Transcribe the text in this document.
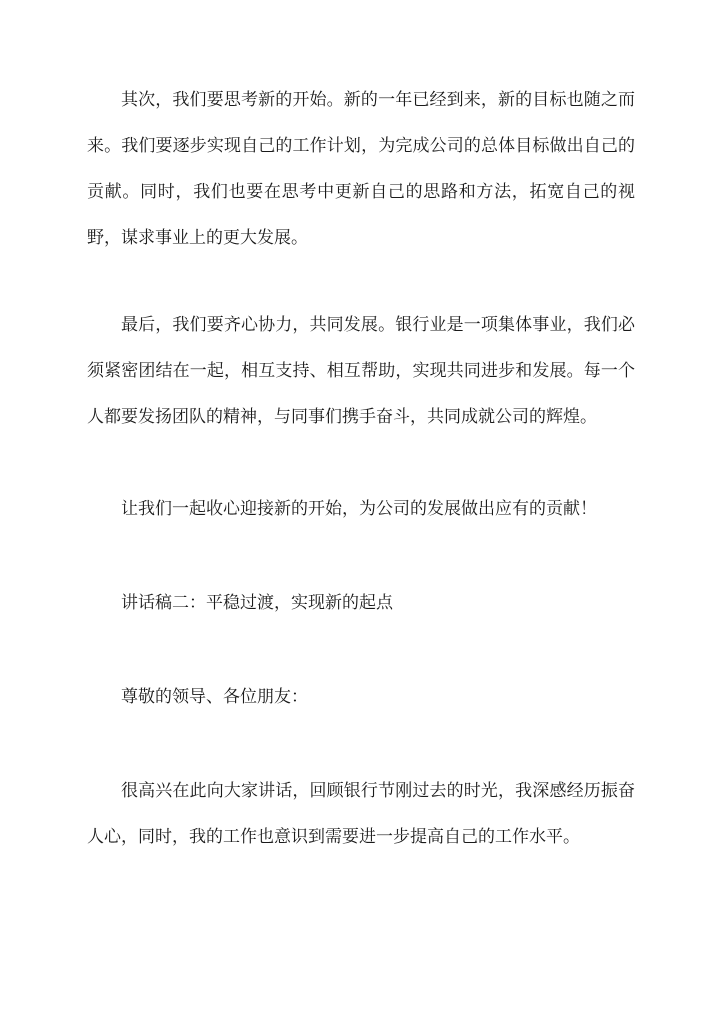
其次，我们要思考新的开始。新的一年已经到来，新的目标也随之而来。我们要逐步实现自己的工作计划，为完成公司的总体目标做出自己的贡献。同时，我们也要在思考中更新自己的思路和方法，拓宽自己的视野，谋求事业上的更大发展。

最后，我们要齐心协力，共同发展。银行业是一项集体事业，我们必须紧密团结在一起，相互支持、相互帮助，实现共同进步和发展。每一个人都要发扬团队的精神，与同事们携手奋斗，共同成就公司的辉煌。

让我们一起收心迎接新的开始，为公司的发展做出应有的贡献！

讲话稿二：平稳过渡，实现新的起点

尊敬的领导、各位朋友：

很高兴在此向大家讲话，回顾银行节刚过去的时光，我深感经历振奋人心，同时，我的工作也意识到需要进一步提高自己的工作水平。
